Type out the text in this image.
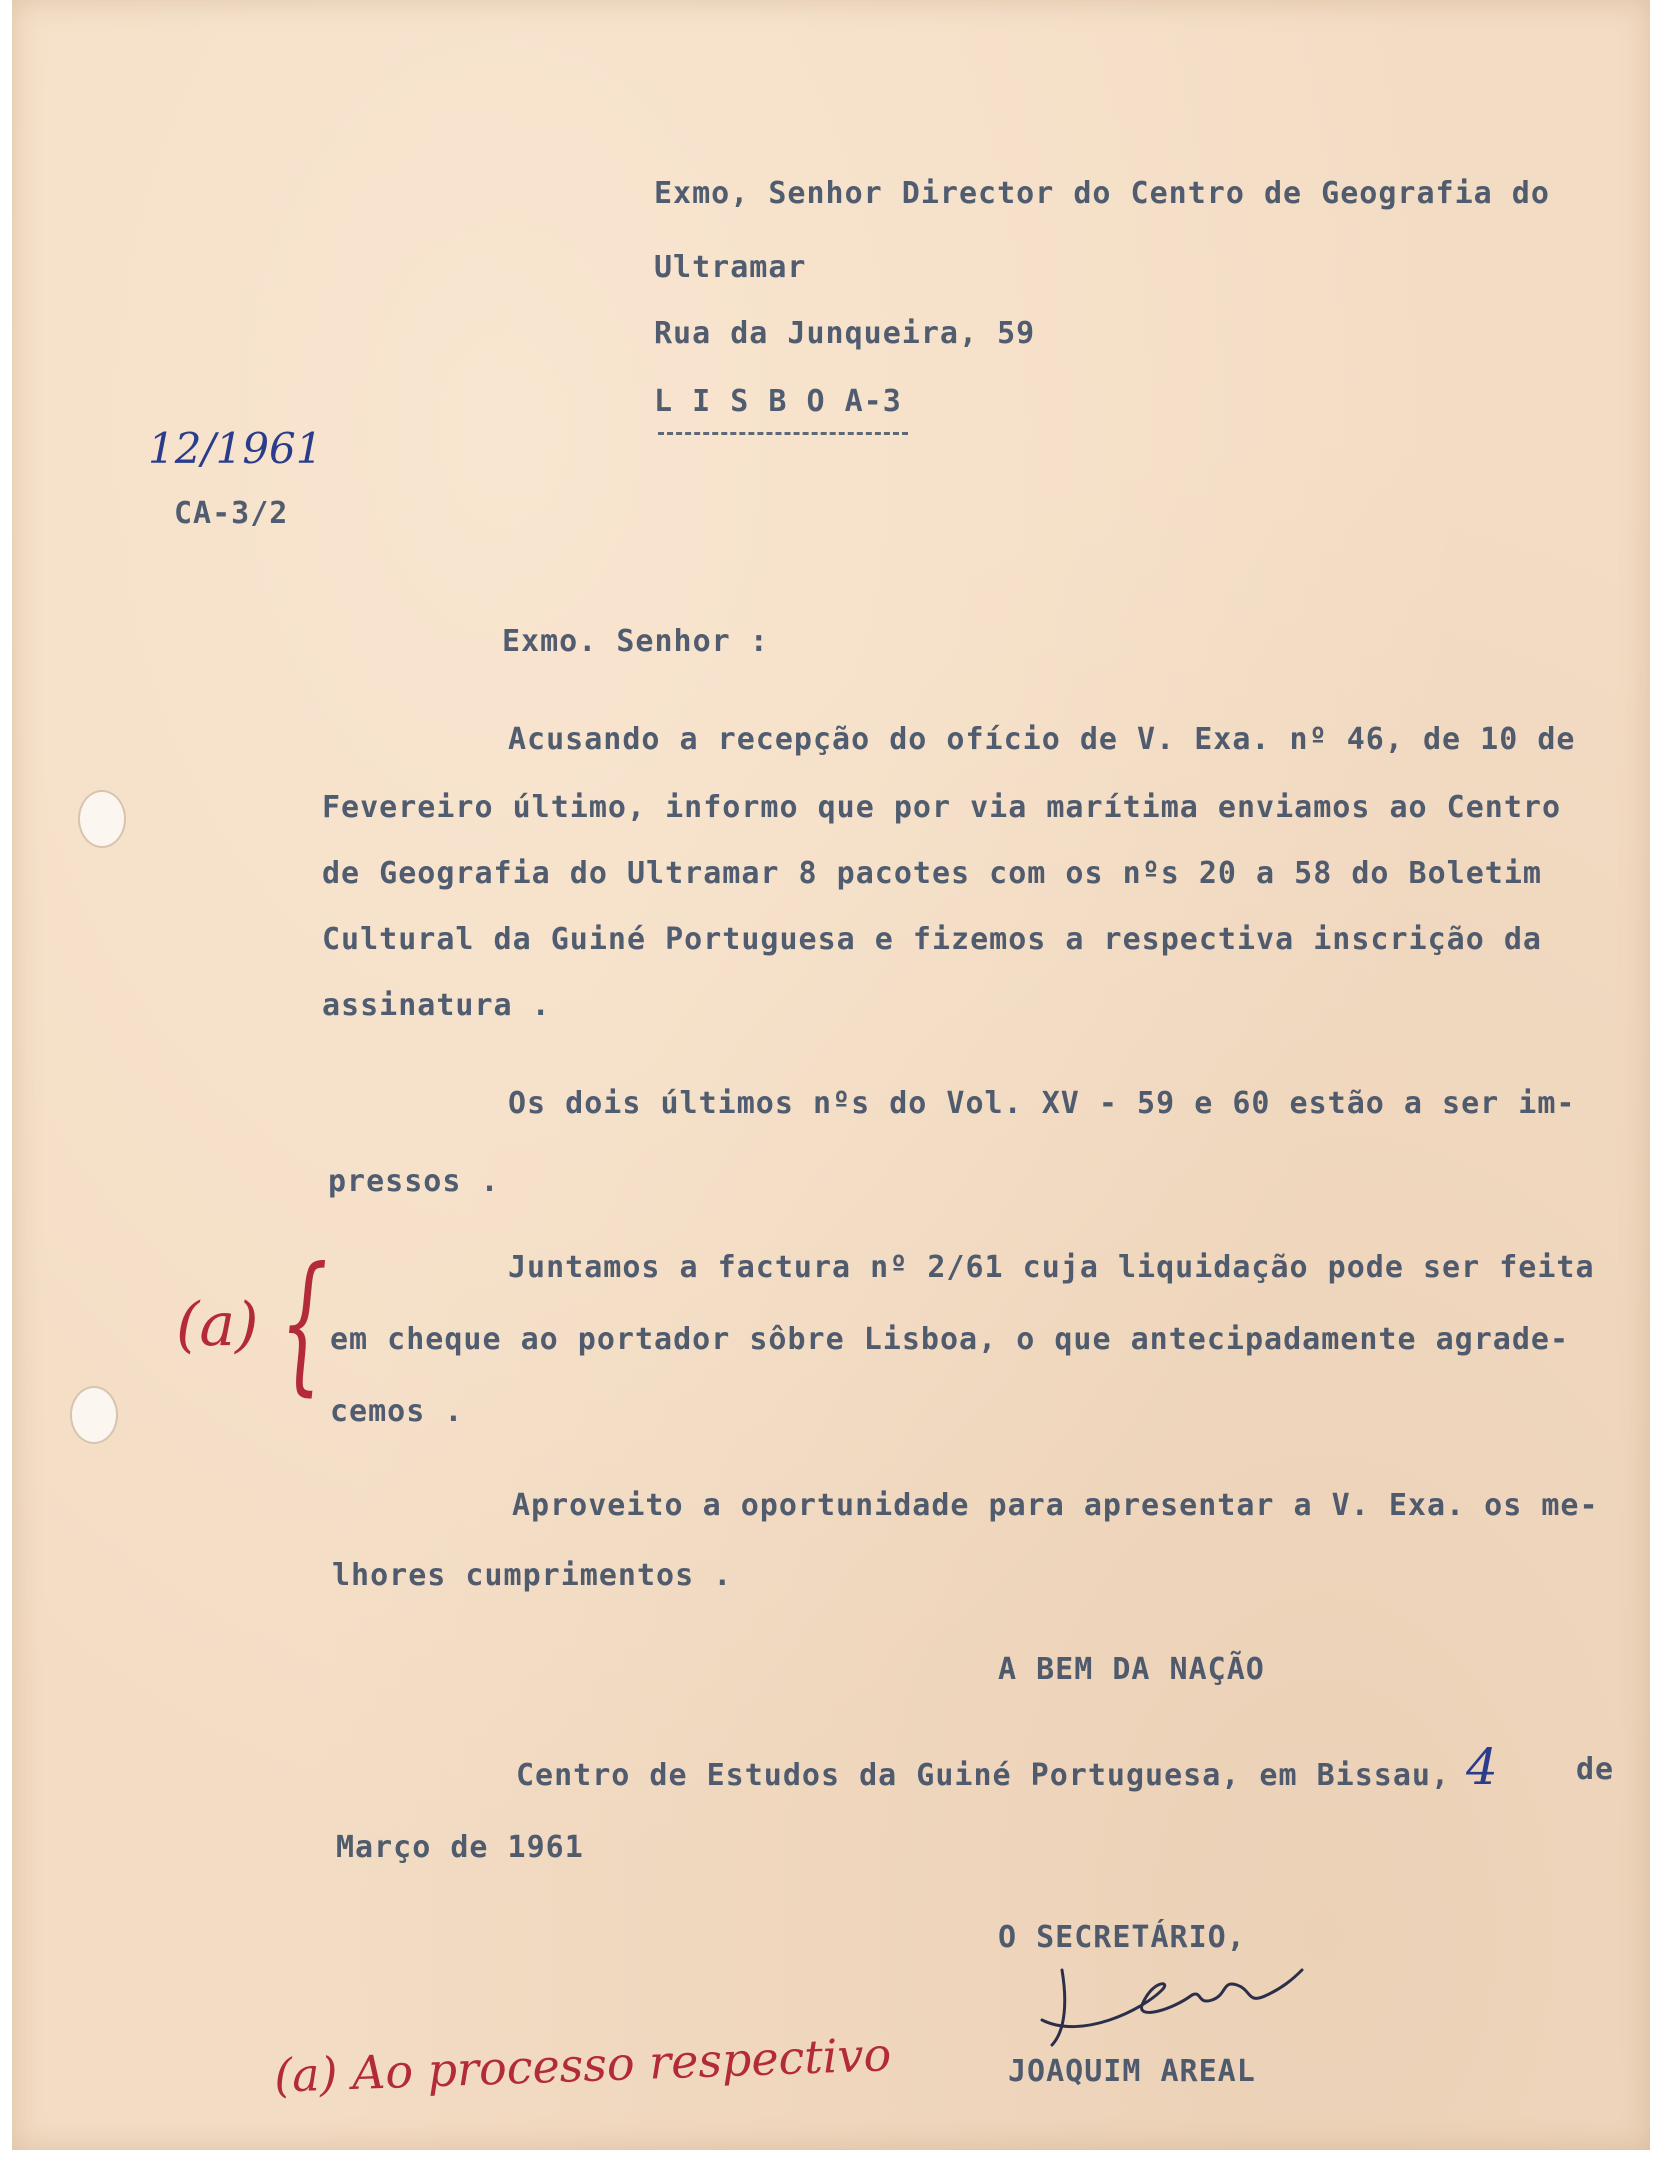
Exmo, Senhor Director do Centro de Geografia do
Ultramar
Rua da Junqueira, 59
L I S B O A-3
12/1961
CA-3/2
Exmo. Senhor :
Acusando a recepção do ofício de V. Exa. nº 46, de 10 de
Fevereiro último, informo que por via marítima enviamos ao Centro
de Geografia do Ultramar 8 pacotes com os nºs 20 a 58 do Boletim
Cultural da Guiné Portuguesa e fizemos a respectiva inscrição da
assinatura .
Os dois últimos nºs do Vol. XV - 59 e 60 estão a ser im-
pressos .
(a) {	Juntamos a factura nº 2/61 cuja liquidação pode ser feita
em cheque ao portador sôbre Lisboa, o que antecipadamente agrade-
cemos .
Aproveito a oportunidade para apresentar a V. Exa. os me-
lhores cumprimentos .
A BEM DA NAÇÃO
Centro de Estudos da Guiné Portuguesa, em Bissau, 4	de
Março de 1961
O SECRETÁRIO,
JOAQUIM AREAL
(a) Ao processo respectivo
